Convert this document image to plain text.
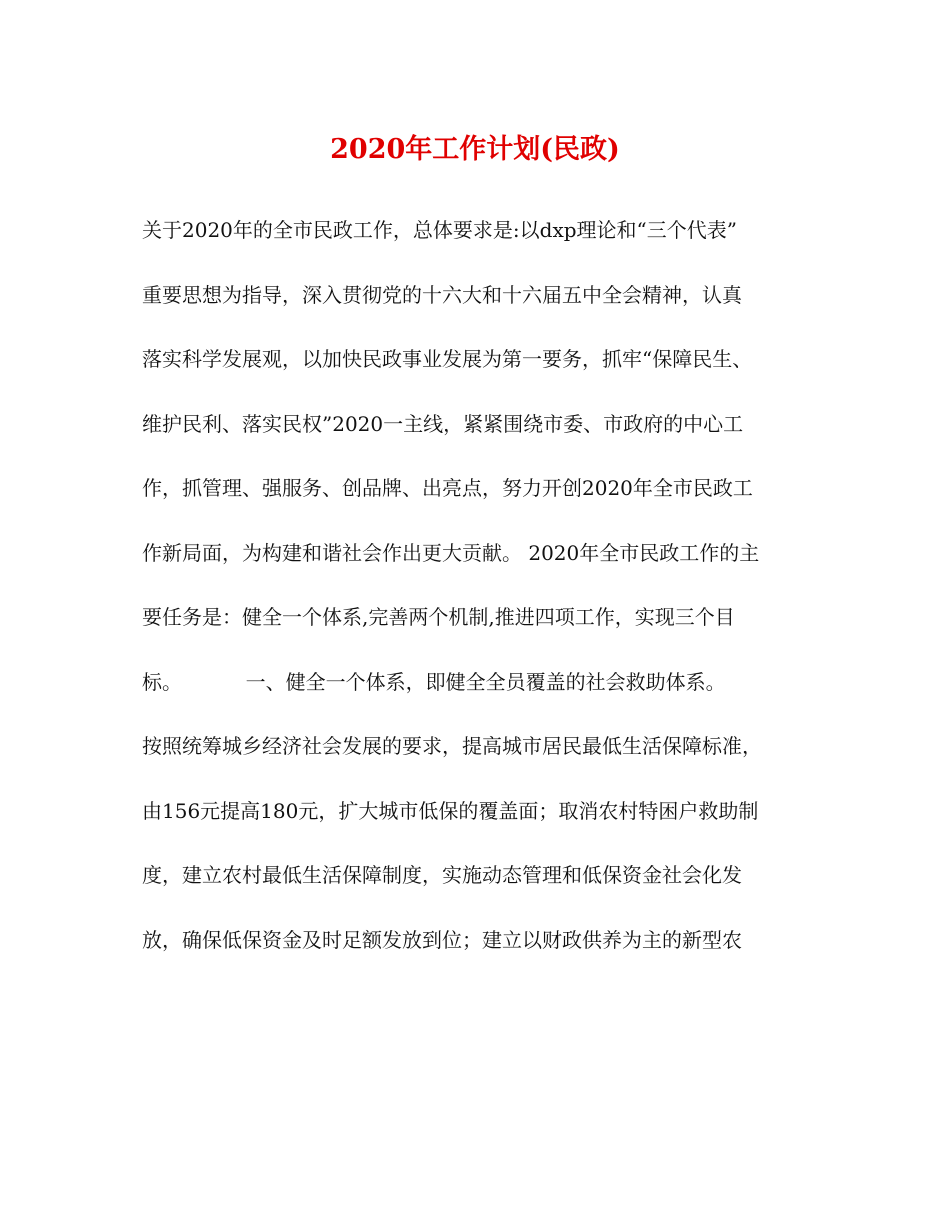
2020年工作计划(民政)
关于2020年的全市民政工作，总体要求是:以dxp理论和“三个代表”
重要思想为指导，深入贯彻党的十六大和十六届五中全会精神，认真
落实科学发展观，以加快民政事业发展为第一要务，抓牢“保障民生、
维护民利、落实民权”2020一主线，紧紧围绕市委、市政府的中心工
作，抓管理、强服务、创品牌、出亮点，努力开创2020年全市民政工
作新局面，为构建和谐社会作出更大贡献。 2020年全市民政工作的主
要任务是：健全一个体系,完善两个机制,推进四项工作，实现三个目
标。          一、健全一个体系，即健全全员覆盖的社会救助体系。
按照统筹城乡经济社会发展的要求，提高城市居民最低生活保障标准，
由156元提高180元，扩大城市低保的覆盖面；取消农村特困户救助制
度，建立农村最低生活保障制度，实施动态管理和低保资金社会化发
放，确保低保资金及时足额发放到位；建立以财政供养为主的新型农
